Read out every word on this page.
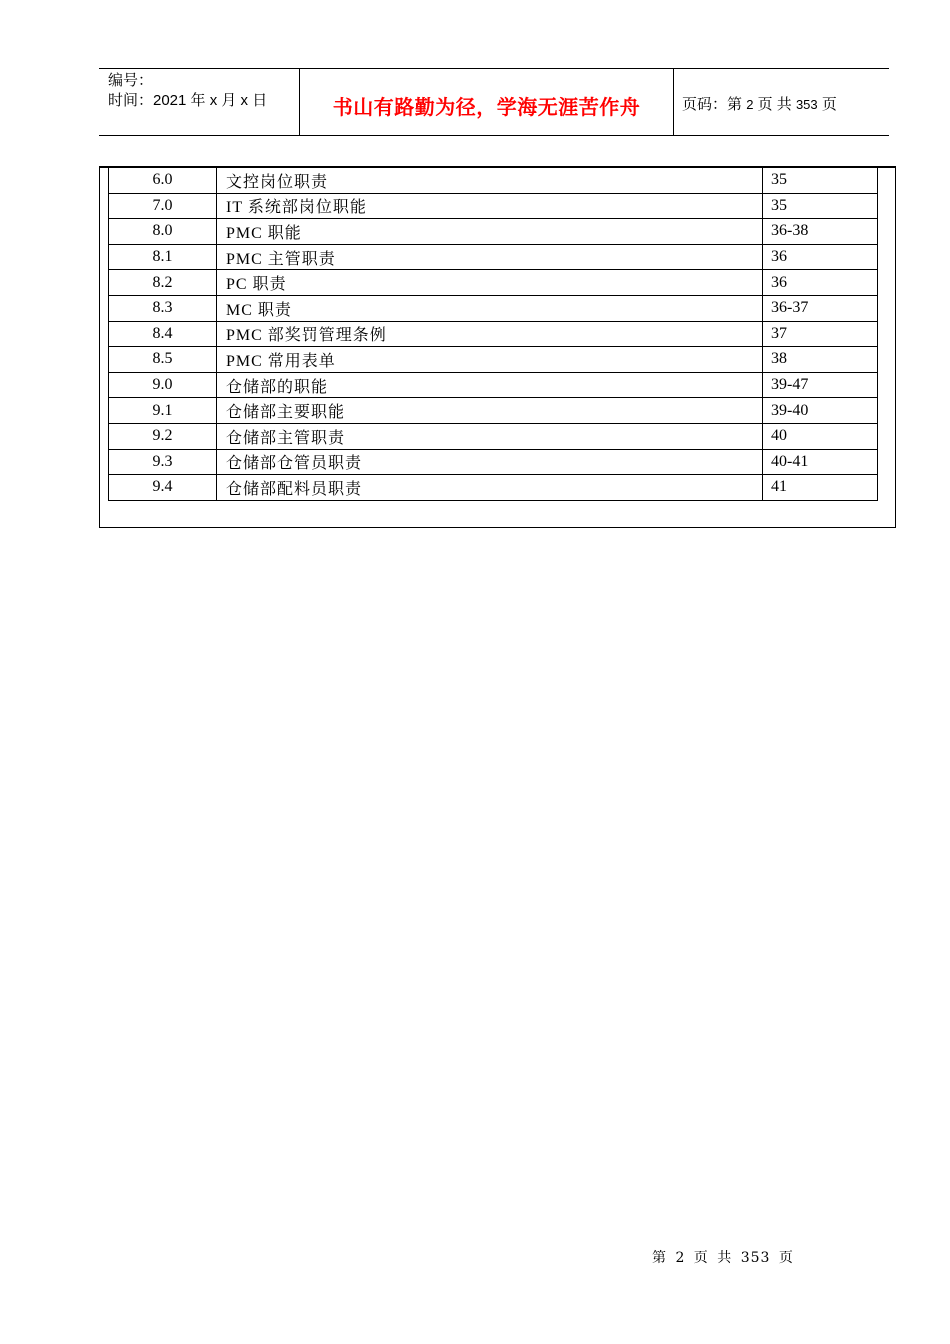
编号：
时间：2021 年 x 月 x 日	书山有路勤为径，学海无涯苦作舟	页码：第 2 页 共 353 页
6.0	文控岗位职责	35
7.0	IT 系统部岗位职能	35
8.0	PMC 职能	36-38
8.1	PMC 主管职责	36
8.2	PC 职责	36
8.3	MC 职责	36-37
8.4	PMC 部奖罚管理条例	37
8.5	PMC 常用表单	38
9.0	仓储部的职能	39-47
9.1	仓储部主要职能	39-40
9.2	仓储部主管职责	40
9.3	仓储部仓管员职责	40-41
9.4	仓储部配料员职责	41
第 2 页 共 353 页
